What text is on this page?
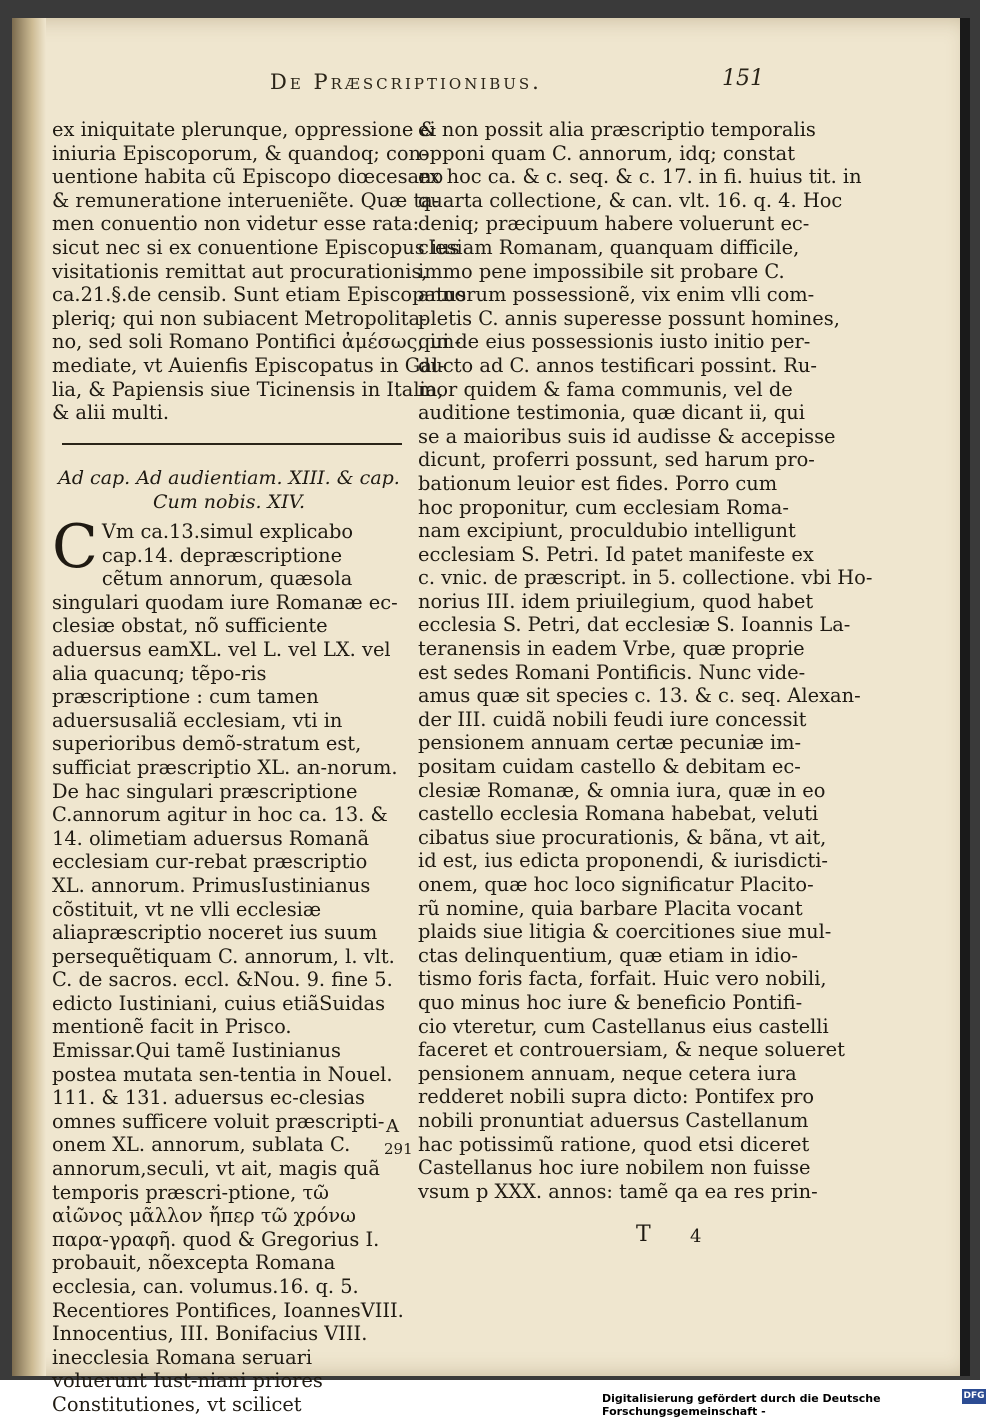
De Præscriptionibus.	151
ex iniquitate plerunque, oppressione &
iniuria Episcoporum, & quandoq; con-
uentione habita cũ Episcopo diœcesano
& remuneratione interueniẽte. Quæ ta-
men conuentio non videtur esse rata:
sicut nec si ex conuentione Episcopus ius
visitationis remittat aut procurationis,
ca.21.§.de censib. Sunt etiam Episcopatus
pleriq; qui non subiacent Metropolita-
no, sed soli Romano Pontifici ἀμέσως, im-
mediate, vt Auienfis Episcopatus in Gal-
lia, & Papiensis siue Ticinensis in Italia,
& alii multi.
Ad cap. Ad audientiam. XIII. & cap.
Cum nobis. XIV.
C Vm ca.13.simul explicabo cap.14. depræscriptione cẽtum annorum, quæsola singulari quodam iure Romanæ ec-clesiæ obstat, nõ sufficiente aduersus eamXL. vel L. vel LX. vel alia quacunq; tẽpo-ris præscriptione : cum tamen aduersusaliã ecclesiam, vti in superioribus demõ-stratum est, sufficiat præscriptio XL. an-norum. De hac singulari præscriptione C.annorum agitur in hoc ca. 13. & 14. olimetiam aduersus Romanã ecclesiam cur-rebat præscriptio XL. annorum. PrimusIustinianus cõstituit, vt ne vlli ecclesiæ aliapræscriptio noceret ius suum persequẽtiquam C. annorum, l. vlt. C. de sacros. eccl. &Nou. 9. fine 5. edicto Iustiniani, cuius etiãSuidas mentionẽ facit in Prisco. Emissar.Qui tamẽ Iustinianus postea mutata sen-tentia in Nouel. 111. & 131. aduersus ec-clesias omnes sufficere voluit præscripti-onem XL. annorum, sublata C. annorum,seculi, vt ait, magis quã temporis præscri-ptione, τῶ αἰῶνος μᾶλλον ἤπερ τῶ χρόνω παρα-γραφῆ. quod & Gregorius I. probauit, nõexcepta Romana ecclesia, can. volumus.16. q. 5. Recentiores Pontifices, IoannesVIII. Innocentius, III. Bonifacius VIII. inecclesia Romana seruari voluerunt Iust-niani priores Constitutiones, vt scilicet
ei non possit alia præscriptio temporalis
opponi quam C. annorum, idq; constat
ex hoc ca. & c. seq. & c. 17. in fi. huius tit. in
quarta collectione, & can. vlt. 16. q. 4. Hoc
deniq; præcipuum habere voluerunt ec-
clesiam Romanam, quanquam difficile,
immo pene impossibile sit probare C.
annorum possessionẽ, vix enim vlli com-
pletis C. annis superesse possunt homines,
qui de eius possessionis iusto initio per-
ducto ad C. annos testificari possint. Ru-
mor quidem & fama communis, vel de
auditione testimonia, quæ dicant ii, qui
se a maioribus suis id audisse & accepisse
dicunt, proferri possunt, sed harum pro-
bationum leuior est fides. Porro cum
hoc proponitur, cum ecclesiam Roma-
nam excipiunt, proculdubio intelligunt
ecclesiam S. Petri. Id patet manifeste ex
c. vnic. de præscript. in 5. collectione. vbi Ho-
norius III. idem priuilegium, quod habet
ecclesia S. Petri, dat ecclesiæ S. Ioannis La-
teranensis in eadem Vrbe, quæ proprie
est sedes Romani Pontificis. Nunc vide-
amus quæ sit species c. 13. & c. seq. Alexan-
der III. cuidã nobili feudi iure concessit
pensionem annuam certæ pecuniæ im-
positam cuidam castello & debitam ec-
clesiæ Romanæ, & omnia iura, quæ in eo
castello ecclesia Romana habebat, veluti
cibatus siue procurationis, & bãna, vt ait,
id est, ius edicta proponendi, & iurisdicti-
onem, quæ hoc loco significatur Placito-
rũ nomine, quia barbare Placita vocant
plaids siue litigia & coercitiones siue mul-
ctas delinquentium, quæ etiam in idio-
tismo foris facta, forfait. Huic vero nobili,
quo minus hoc iure & beneficio Pontifi-
cio vteretur, cum Castellanus eius castelli
faceret et controuersiam, & neque solueret
pensionem annuam, neque cetera iura
redderet nobili supra dicto: Pontifex pro
nobili pronuntiat aduersus Castellanum
hac potissimũ ratione, quod etsi diceret
Castellanus hoc iure nobilem non fuisse
vsum p XXX. annos: tamẽ qa ea res prin-
A
291
T 4
Digitalisierung gefördert durch die Deutsche Forschungsgemeinschaft -
DFG
